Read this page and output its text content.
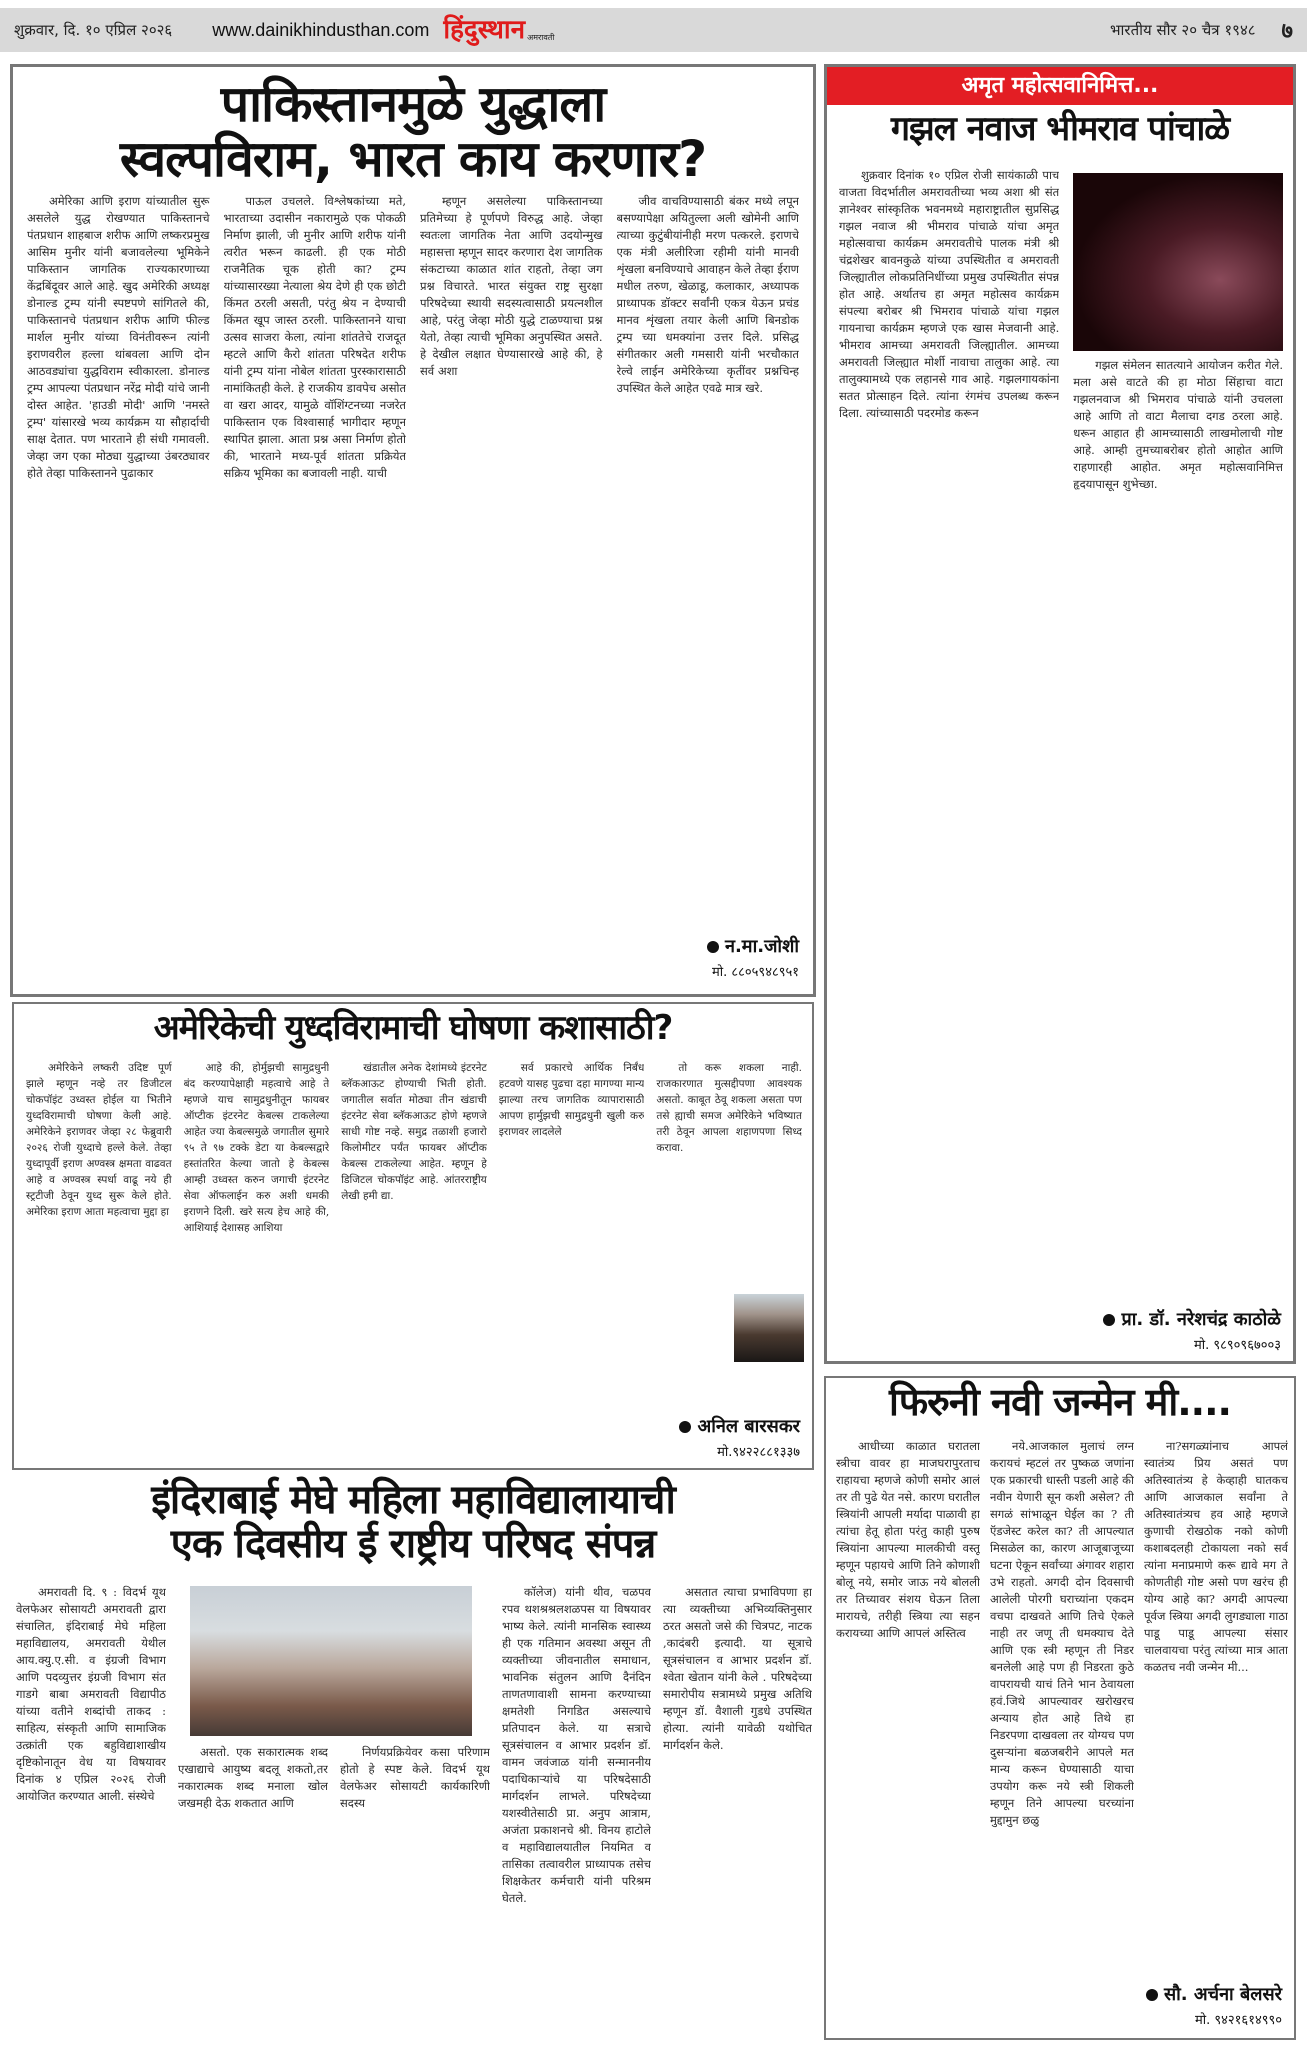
शुक्रवार, दि. १० एप्रिल २०२६ www.dainikhindusthan.com हिंदुस्थान अमरावती	भारतीय सौर २० चैत्र १९४८ ७
पाकिस्तानमुळे युद्धाला
स्वल्पविराम, भारत काय करणार?

अमेरिका आणि इराण यांच्यातील सुरू असलेले युद्ध रोखण्यात पाकिस्तानचे पंतप्रधान शाहबाज शरीफ आणि लष्करप्रमुख आसिम मुनीर यांनी बजावलेल्या भूमिकेने पाकिस्तान जागतिक राज्यकारणाच्या केंद्रबिंदूवर आले आहे. खुद अमेरिकी अध्यक्ष डोनाल्ड ट्रम्प यांनी स्पष्टपणे सांगितले की, पाकिस्तानचे पंतप्रधान शरीफ आणि फील्ड मार्शल मुनीर यांच्या विनंतीवरून त्यांनी इराणवरील हल्ला थांबवला आणि दोन आठवड्यांचा युद्धविराम स्वीकारला. डोनाल्ड ट्रम्प आपल्या पंतप्रधान नरेंद्र मोदी यांचे जानी दोस्त आहेत. 'हाउडी मोदी' आणि 'नमस्ते ट्रम्प' यांसारखे भव्य कार्यक्रम या सौहार्दाची साक्ष देतात. पण भारताने ही संधी गमावली. जेव्हा जग एका मोठ्या युद्धाच्या उंबरठ्यावर होते तेव्हा पाकिस्तानने पुढाकार

पाऊल उचलले. विश्लेषकांच्या मते, भारताच्या उदासीन नकारामुळे एक पोकळी निर्माण झाली, जी मुनीर आणि शरीफ यांनी त्वरीत भरून काढली. ही एक मोठी राजनैतिक चूक होती का? ट्रम्प यांच्यासारख्या नेत्याला श्रेय देणे ही एक छोटी किंमत ठरली असती, परंतु श्रेय न देण्याची किंमत खूप जास्त ठरली. पाकिस्तानने याचा उत्सव साजरा केला, त्यांना शांततेचे राजदूत म्हटले आणि कैरो शांतता परिषदेत शरीफ यांनी ट्रम्प यांना नोबेल शांतता पुरस्कारासाठी नामांकितही केले. हे राजकीय डावपेच असोत वा खरा आदर, यामुळे वॉशिंग्टनच्या नजरेत पाकिस्तान एक विश्वासार्ह भागीदार म्हणून स्थापित झाला. आता प्रश्न असा निर्माण होतो की, भारताने मध्य-पूर्व शांतता प्रक्रियेत सक्रिय भूमिका का बजावली नाही. याची

म्हणून असलेल्या पाकिस्तानच्या प्रतिमेच्या हे पूर्णपणे विरुद्ध आहे. जेव्हा स्वतःला जागतिक नेता आणि उदयोन्मुख महासत्ता म्हणून सादर करणारा देश जागतिक संकटाच्या काळात शांत राहतो, तेव्हा जग प्रश्न विचारते. भारत संयुक्त राष्ट्र सुरक्षा परिषदेच्या स्थायी सदस्यत्वासाठी प्रयत्नशील आहे, परंतु जेव्हा मोठी युद्धे टाळण्याचा प्रश्न येतो, तेव्हा त्याची भूमिका अनुपस्थित असते. हे देखील लक्षात घेण्यासारखे आहे की, हे सर्व अशा

जीव वाचविण्यासाठी बंकर मध्ये लपून बसण्यापेक्षा अयितुल्ला अली खोमेनी आणि त्याच्या कुटुंबीयांनीही मरण पत्करले. इराणचे एक मंत्री अलीरिजा रहीमी यांनी मानवी शृंखला बनविण्याचे आवाहन केले तेव्हा ईराण मधील तरुण, खेळाडू, कलाकार, अध्यापक प्राध्यापक डॉक्टर सर्वांनी एकत्र येऊन प्रचंड मानव शृंखला तयार केली आणि बिनडोक ट्रम्प च्या धमक्यांना उत्तर दिले. प्रसिद्ध संगीतकार अली गमसारी यांनी भरचौकात रेल्वे लाईन अमेरिकेच्या कृतींवर प्रश्नचिन्ह उपस्थित केले आहेत एवढे मात्र खरे.

न.मा.जोशी
मो. ८८०५९४८९५१
अमेरिकेची युध्दविरामाची घोषणा कशासाठी?

अमेरिकेने लष्करी उदिष्ट पूर्ण झाले म्हणून नव्हे तर डिजीटल चोकपॉइंट उध्वस्त होईल या भितीने युध्दविरामाची घोषणा केली आहे. अमेरिकेने इराणवर जेव्हा २८ फेब्रुवारी २०२६ रोजी युध्दाचे हल्ले केले. तेव्हा युध्दापूर्वी इराण अण्वस्त्र क्षमता वाढवत आहे व अण्वस्त्र स्पर्धा वाढू नये ही स्ट्रटीजी ठेवून युध्द सुरू केले होते. अमेरिका इराण आता महत्वाचा मुद्दा हा

आहे की, होर्मुझची सामुद्रधुनी बंद करण्यापेक्षाही महत्वाचे आहे ते म्हणजे याच सामुद्रधुनीतून फायबर ऑप्टीक इंटरनेट केबल्स टाकलेल्या आहेत ज्या केबल्समुळे जगातील सुमारे ९५ ते ९७ टक्के डेटा या केबल्सद्वारे हस्तांतरित केल्या जातो हे केबल्स आम्ही उध्वस्त करुन जगाची इंटरनेट सेवा ऑफलाईन करु अशी धमकी इराणने दिली. खरे सत्य हेच आहे की, आशियाई देशासह आशिया

खंडातील अनेक देशांमध्ये इंटरनेट ब्लॅकआऊट होण्याची भिती होती. जगातील सर्वात मोठ्या तीन खंडाची इंटरनेट सेवा ब्लॅकआऊट होणे म्हणजे साधी गोष्ट नव्हे. समुद्र तळाशी हजारो किलोमीटर पर्यंत फायबर ऑप्टीक केबल्स टाकलेल्या आहेत. म्हणून हे डिजिटल चोकपॉइंट आहे. आंतरराष्ट्रीय लेखी हमी द्या.

सर्व प्रकारचे आर्थिक निर्बंध हटवणे यासह पुढचा दहा मागण्या मान्य झाल्या तरच जागतिक व्यापारासाठी आपण हार्मुझची सामुद्रधुनी खुली करु इराणवर लादलेले

तो करू शकला नाही. राजकारणात मुत्सद्दीपणा आवश्यक असतो. काबूत ठेवू शकला असता पण तसे ह्याची समज अमेरिकेने भविष्यात तरी ठेवून आपला शहाणपणा सिध्द करावा.

अनिल बारसकर
मो.९४२२८८१३३७
अमृत महोत्सवानिमित्त...
गझल नवाज भीमराव पांचाळे

शुक्रवार दिनांक १० एप्रिल रोजी सायंकाळी पाच वाजता विदर्भातील अमरावतीच्या भव्य अशा श्री संत ज्ञानेश्वर सांस्कृतिक भवनमध्ये महाराष्ट्रातील सुप्रसिद्ध गझल नवाज श्री भीमराव पांचाळे यांचा अमृत महोत्सवाचा कार्यक्रम अमरावतीचे पालक मंत्री श्री चंद्रशेखर बावनकुळे यांच्या उपस्थितीत व अमरावती जिल्ह्यातील लोकप्रतिनिधींच्या प्रमुख उपस्थितीत संपन्न होत आहे. अर्थातच हा अमृत महोत्सव कार्यक्रम संपल्या बरोबर श्री भिमराव पांचाळे यांचा गझल गायनाचा कार्यक्रम म्हणजे एक खास मेजवानी आहे. भीमराव आमच्या अमरावती जिल्ह्यातील. आमच्या अमरावती जिल्ह्यात मोर्शी नावाचा तालुका आहे. त्या तालुक्यामध्ये एक लहानसे गाव आहे. गझलगायकांना सतत प्रोत्साहन दिले. त्यांना रंगमंच उपलब्ध करून दिला. त्यांच्यासाठी पदरमोड करून

गझल संमेलन सातत्याने आयोजन करीत गेले. मला असे वाटते की हा मोठा सिंहाचा वाटा गझलनवाज श्री भिमराव पांचाळे यांनी उचलला आहे आणि तो वाटा मैलाचा दगड ठरला आहे. धरून आहात ही आमच्यासाठी लाखमोलाची गोष्ट आहे. आम्ही तुमच्याबरोबर होतो आहोत आणि राहणारही आहोत. अमृत महोत्सवानिमित्त हृदयापासून शुभेच्छा.

प्रा. डॉ. नरेशचंद्र काठोळे
मो. ९८९०९६७००३
इंदिराबाई मेघे महिला महाविद्यालायाची
एक दिवसीय ई राष्ट्रीय परिषद संपन्न

अमरावती दि. ९ : विदर्भ यूथ वेलफेअर सोसायटी अमरावती द्वारा संचालित, इंदिराबाई मेघे महिला महाविद्यालय, अमरावती येथील आय.क्यु.ए.सी. व इंग्रजी विभाग आणि पदव्युत्तर इंग्रजी विभाग संत गाडगे बाबा अमरावती विद्यापीठ यांच्या वतीने शब्दांची ताकद : साहित्य, संस्कृती आणि सामाजिक उत्क्रांती एक बहुविद्याशाखीय दृष्टिकोनातून वेध या विषयावर दिनांक ४ एप्रिल २०२६ रोजी आयोजित करण्यात आली. संस्थेचे

असतो. एक सकारात्मक शब्द एखाद्याचे आयुष्य बदलू शकतो,तर नकारात्मक शब्द मनाला खोल जखमही देऊ शकतात आणि

निर्णयप्रक्रियेवर कसा परिणाम होतो हे स्पष्ट केले. विदर्भ यूथ वेलफेअर सोसायटी कार्यकारिणी सदस्य

कॉलेज) यांनी थीव, चळपव रपव थशश्रश्रलशळपस या विषयावर भाष्य केले. त्यांनी मानसिक स्वास्थ्य ही एक गतिमान अवस्था असून ती व्यक्तीच्या जीवनातील समाधान, भावनिक संतुलन आणि दैनंदिन ताणतणावाशी सामना करण्याच्या क्षमतेशी निगडित असल्याचे प्रतिपादन केले. या सत्राचे सूत्रसंचालन व आभार प्रदर्शन डॉ. वामन जवंजाळ यांनी सन्माननीय पदाधिकाऱ्यांचे या परिषदेसाठी मार्गदर्शन लाभले. परिषदेच्या यशस्वीतेसाठी प्रा. अनुप आत्राम, अजंता प्रकाशनचे श्री. विनय हाटोले व महाविद्यालयातील नियमित व तासिका तत्वावरील प्राध्यापक तसेच शिक्षकेतर कर्मचारी यांनी परिश्रम घेतले.

असतात त्याचा प्रभाविपणा हा त्या व्यक्तीच्या अभिव्यक्तिनुसार ठरत असतो जसे की चित्रपट, नाटक ,कादंबरी इत्यादी. या सूत्राचे सूत्रसंचालन व आभार प्रदर्शन डॉ. श्वेता खेतान यांनी केले . परिषदेच्या समारोपीय सत्रामध्ये प्रमुख अतिथि म्हणून डॉ. वैशाली गुडधे उपस्थित होत्या. त्यांनी यावेळी यथोचित मार्गदर्शन केले.

फिरुनी नवी जन्मेन मी....

आधीच्या काळात घरातला स्त्रीचा वावर हा माजघरापुरताच राहायचा म्हणजे कोणी समोर आलं तर ती पुढे येत नसे. कारण घरातील स्त्रियांनी आपली मर्यादा पाळावी हा त्यांचा हेतू होता परंतु काही पुरुष स्त्रियांना आपल्या मालकीची वस्तू म्हणून पहायचे आणि तिने कोणाशी बोलू नये, समोर जाऊ नये बोलली तर तिच्यावर संशय घेऊन तिला मारायचे, तरीही स्त्रिया त्या सहन करायच्या आणि आपलं अस्तित्व

नये.आजकाल मुलाचं लग्न करायचं म्हटलं तर पुष्कळ जणांना एक प्रकारची धास्ती पडली आहे की नवीन येणारी सून कशी असेल? ती सगळं सांभाळून घेईल का ? ती ऍडजेस्ट करेल का? ती आपल्यात मिसळेल का, कारण आजूबाजूच्या घटना ऐकून सर्वांच्या अंगावर शहारा उभे राहतो. अगदी दोन दिवसाची आलेली पोरगी घराच्यांना एकदम वचपा दाखवते आणि तिचे ऐकले नाही तर जणू ती धमक्याच देते आणि एक स्त्री म्हणून ती निडर बनलेली आहे पण ही निडरता कुठे वापरायची याचं तिने भान ठेवायला हवं.जिथे आपल्यावर खरोखरच अन्याय होत आहे तिथे हा निडरपणा दाखवला तर योग्यच पण दुसऱ्यांना बळजबरीने आपले मत मान्य करून घेण्यासाठी याचा उपयोग करू नये स्त्री शिकली म्हणून तिने आपल्या घरच्यांना मुद्दामुन छळु

ना?सगळ्यांनाच आपलं स्वातंत्र्य प्रिय असतं पण अतिस्वातंत्र्य हे केव्हाही घातकच आणि आजकाल सर्वांना ते अतिस्वातंत्र्यच हव आहे म्हणजे कुणाची रोखठोक नको कोणी कशाबदलही टोकायला नको सर्व त्यांना मनाप्रमाणे करू द्यावे मग ते कोणतीही गोष्ट असो पण खरंच ही योग्य आहे का? अगदी आपल्या पूर्वज स्त्रिया अगदी लुगड्याला गाठा पाडू पाडू आपल्या संसार चालवायचा परंतु त्यांच्या मात्र आता कळतच नवी जन्मेन मी...

सौ. अर्चना बेलसरे
मो. ९४२१६१४९९०
